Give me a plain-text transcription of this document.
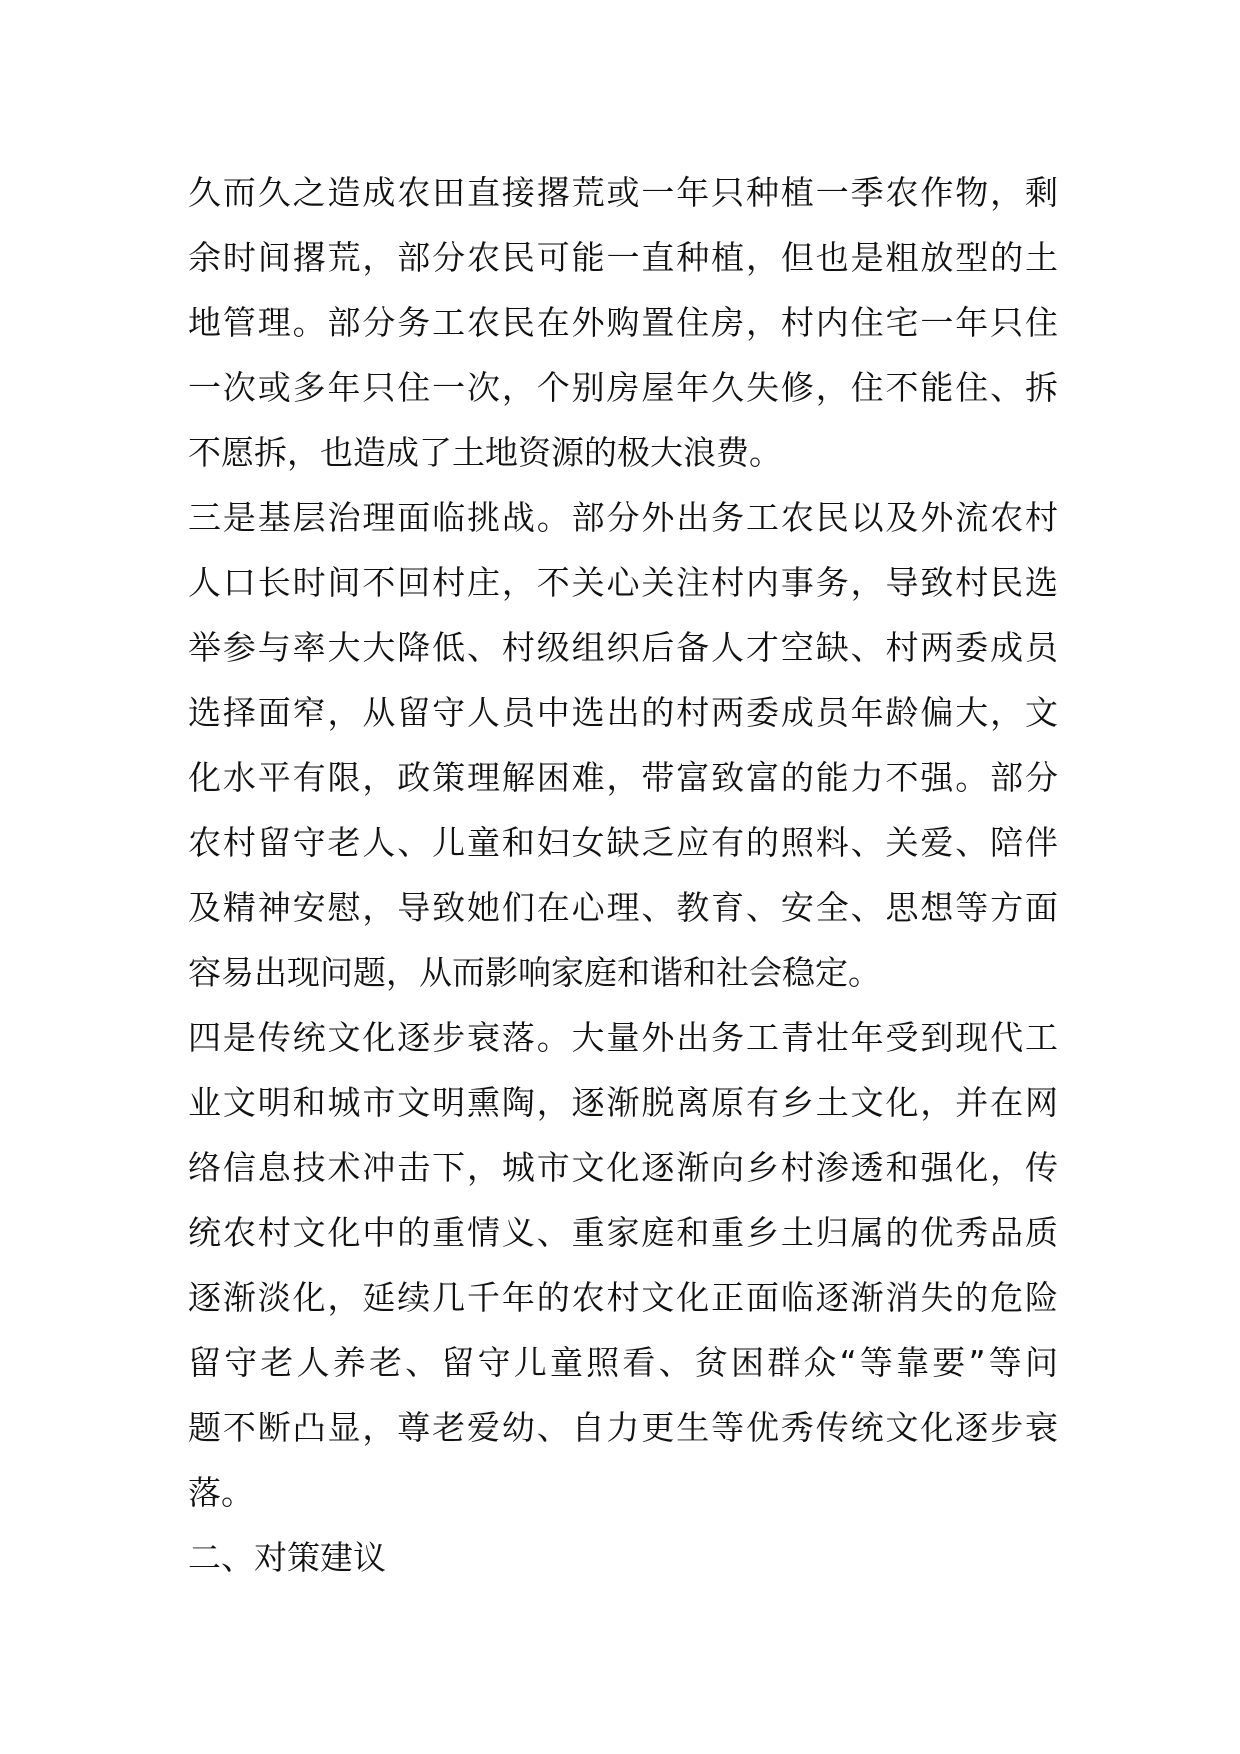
久而久之造成农田直接撂荒或一年只种植一季农作物，剩
余时间撂荒，部分农民可能一直种植，但也是粗放型的土
地管理。部分务工农民在外购置住房，村内住宅一年只住
一次或多年只住一次，个别房屋年久失修，住不能住、拆
不愿拆，也造成了土地资源的极大浪费。
三是基层治理面临挑战。部分外出务工农民以及外流农村
人口长时间不回村庄，不关心关注村内事务，导致村民选
举参与率大大降低、村级组织后备人才空缺、村两委成员
选择面窄，从留守人员中选出的村两委成员年龄偏大，文
化水平有限，政策理解困难，带富致富的能力不强。部分
农村留守老人、儿童和妇女缺乏应有的照料、关爱、陪伴
及精神安慰，导致她们在心理、教育、安全、思想等方面
容易出现问题，从而影响家庭和谐和社会稳定。
四是传统文化逐步衰落。大量外出务工青壮年受到现代工
业文明和城市文明熏陶，逐渐脱离原有乡土文化，并在网
络信息技术冲击下，城市文化逐渐向乡村渗透和强化，传
统农村文化中的重情义、重家庭和重乡土归属的优秀品质
逐渐淡化，延续几千年的农村文化正面临逐渐消失的危险
留守老人养老、留守儿童照看、贫困群众“等靠要”等问
题不断凸显，尊老爱幼、自力更生等优秀传统文化逐步衰
落。
二、对策建议
